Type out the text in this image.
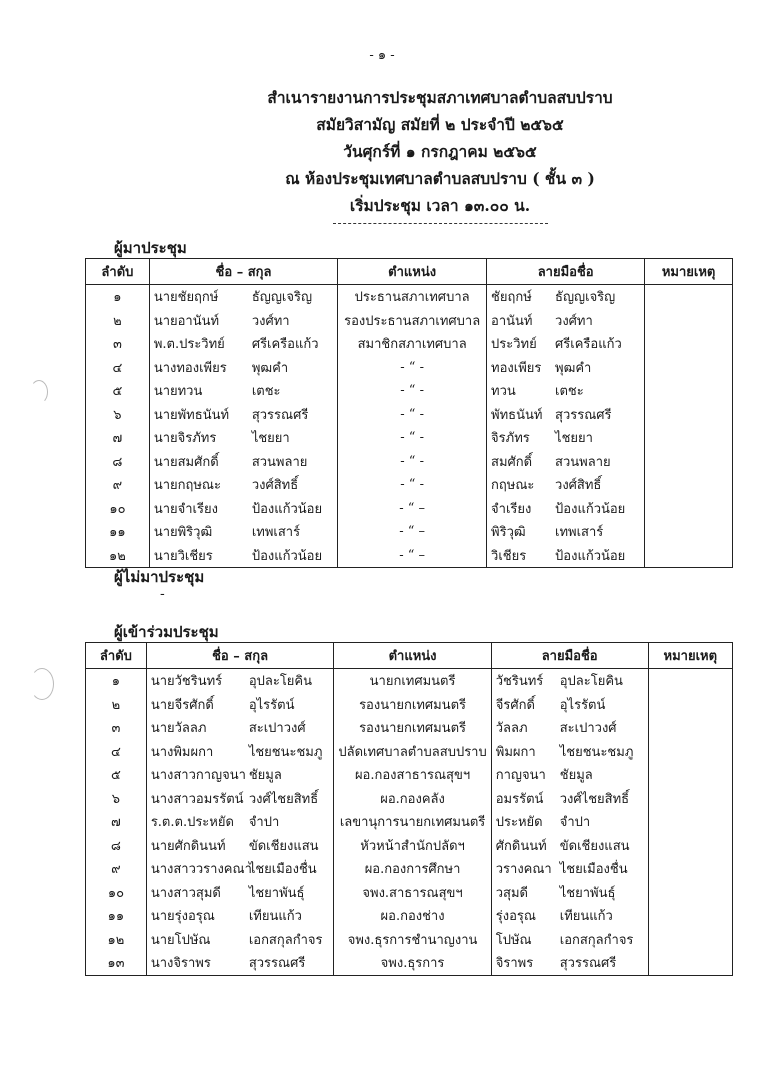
- ๑ -
สำเนารายงานการประชุมสภาเทศบาลตำบลสบปราบ
สมัยวิสามัญ สมัยที่ ๒ ประจำปี ๒๕๖๕
วันศุกร์ที่ ๑ กรกฎาคม ๒๕๖๕
ณ ห้องประชุมเทศบาลตำบลสบปราบ ( ชั้น ๓ )
เริ่มประชุม เวลา ๑๓.๐๐ น.
ผู้มาประชุม
ลำดับ	ชื่อ – สกุล	ตำแหน่ง	ลายมือชื่อ	หมายเหตุ
๑	นายชัยฤกษ์ ธัญญเจริญ	ประธานสภาเทศบาล	ชัยฤกษ์ ธัญญเจริญ	
๒	นายอานันท์ วงศ์ทา	รองประธานสภาเทศบาล	อานันท์ วงศ์ทา	
๓	พ.ต.ประวิทย์ ศรีเครือแก้ว	สมาชิกสภาเทศบาล	ประวิทย์ ศรีเครือแก้ว	
๔	นางทองเพียร พุฒคำ	- “ -	ทองเพียร พุฒคำ	
๕	นายทวน เตชะ	- “ -	ทวน เตชะ	
๖	นายพัทธนันท์ สุวรรณศรี	- “ -	พัทธนันท์ สุวรรณศรี	
๗	นายจิรภัทร ไชยยา	- “ -	จิรภัทร ไชยยา	
๘	นายสมศักดิ์ สวนพลาย	- “ -	สมศักดิ์ สวนพลาย	
๙	นายกฤษณะ วงศ์สิทธิ์	- “ -	กฤษณะ วงศ์สิทธิ์	
๑๐	นายจำเรียง ป้องแก้วน้อย	- “ –	จำเรียง ป้องแก้วน้อย	
๑๑	นายพิริวุฒิ เทพเสาร์	- “ –	พิริวุฒิ เทพเสาร์	
๑๒	นายวิเชียร ป้องแก้วน้อย	- “ –	วิเชียร ป้องแก้วน้อย	
ผู้ไม่มาประชุม
-
ผู้เข้าร่วมประชุม
ลำดับ	ชื่อ – สกุล	ตำแหน่ง	ลายมือชื่อ	หมายเหตุ
๑	นายวัชรินทร์ อุปละโยคิน	นายกเทศมนตรี	วัชรินทร์ อุปละโยคิน	
๒	นายจีรศักดิ์ อุไรรัตน์	รองนายกเทศมนตรี	จีรศักดิ์ อุไรรัตน์	
๓	นายวัลลภ สะเปาวงศ์	รองนายกเทศมนตรี	วัลลภ สะเปาวงศ์	
๔	นางพิมผกา ไชยชนะชมภู	ปลัดเทศบาลตำบลสบปราบ	พิมผกา ไชยชนะชมภู	
๕	นางสาวกาญจนา ชัยมูล	ผอ.กองสาธารณสุขฯ	กาญจนา ชัยมูล	
๖	นางสาวอมรรัตน์ วงศ์ไชยสิทธิ์	ผอ.กองคลัง	อมรรัตน์ วงศ์ไชยสิทธิ์	
๗	ร.ต.ต.ประหยัด จำปา	เลขานุการนายกเทศมนตรี	ประหยัด จำปา	
๘	นายศักดินนท์ ขัดเชียงแสน	หัวหน้าสำนักปลัดฯ	ศักดินนท์ ขัดเชียงแสน	
๙	นางสาววรางคณาไชยเมืองชื่น	ผอ.กองการศึกษา	วรางคณา ไชยเมืองชื่น	
๑๐	นางสาวสุมดี ไชยาพันธุ์	จพง.สาธารณสุขฯ	วสุมดี ไชยาพันธุ์	
๑๑	นายรุ่งอรุณ เทียนแก้ว	ผอ.กองช่าง	รุ่งอรุณ เทียนแก้ว	
๑๒	นายโปษัณ เอกสกุลกำจร	จพง.ธุรการชำนาญงาน	โปษัณ เอกสกุลกำจร	
๑๓	นางจิราพร สุวรรณศรี	จพง.ธุรการ	จิราพร สุวรรณศรี	
